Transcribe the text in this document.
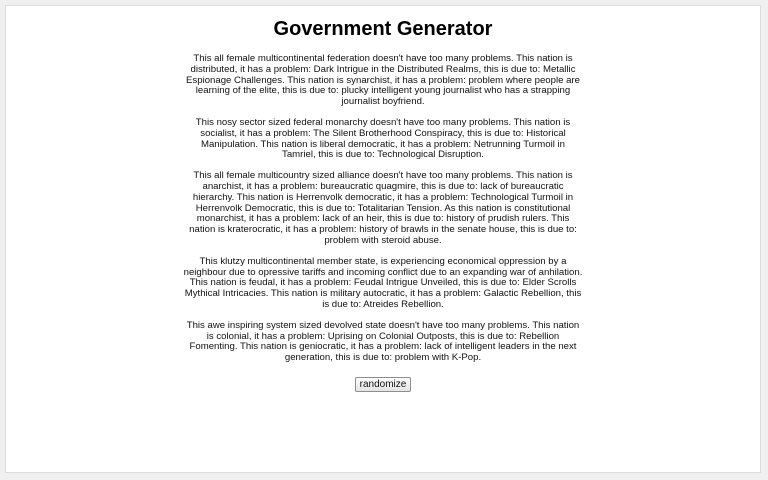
Government Generator

This all female multicontinental federation doesn't have too many problems. This nation is distributed, it has a problem: Dark Intrigue in the Distributed Realms, this is due to: Metallic Espionage Challenges. This nation is synarchist, it has a problem: problem where people are learning of the elite, this is due to: plucky intelligent young journalist who has a strapping journalist boyfriend.

This nosy sector sized federal monarchy doesn't have too many problems. This nation is socialist, it has a problem: The Silent Brotherhood Conspiracy, this is due to: Historical Manipulation. This nation is liberal democratic, it has a problem: Netrunning Turmoil in Tamriel, this is due to: Technological Disruption.

This all female multicountry sized alliance doesn't have too many problems. This nation is anarchist, it has a problem: bureaucratic quagmire, this is due to: lack of bureaucratic hierarchy. This nation is Herrenvolk democratic, it has a problem: Technological Turmoil in Herrenvolk Democratic, this is due to: Totalitarian Tension. As this nation is constitutional monarchist, it has a problem: lack of an heir, this is due to: history of prudish rulers. This nation is kraterocratic, it has a problem: history of brawls in the senate house, this is due to: problem with steroid abuse.

This klutzy multicontinental member state, is experiencing economical oppression by a neighbour due to opressive tariffs and incoming conflict due to an expanding war of anhilation. This nation is feudal, it has a problem: Feudal Intrigue Unveiled, this is due to: Elder Scrolls Mythical Intricacies. This nation is military autocratic, it has a problem: Galactic Rebellion, this is due to: Atreides Rebellion.

This awe inspiring system sized devolved state doesn't have too many problems. This nation is colonial, it has a problem: Uprising on Colonial Outposts, this is due to: Rebellion Fomenting. This nation is geniocratic, it has a problem: lack of intelligent leaders in the next generation, this is due to: problem with K-Pop.

randomize
